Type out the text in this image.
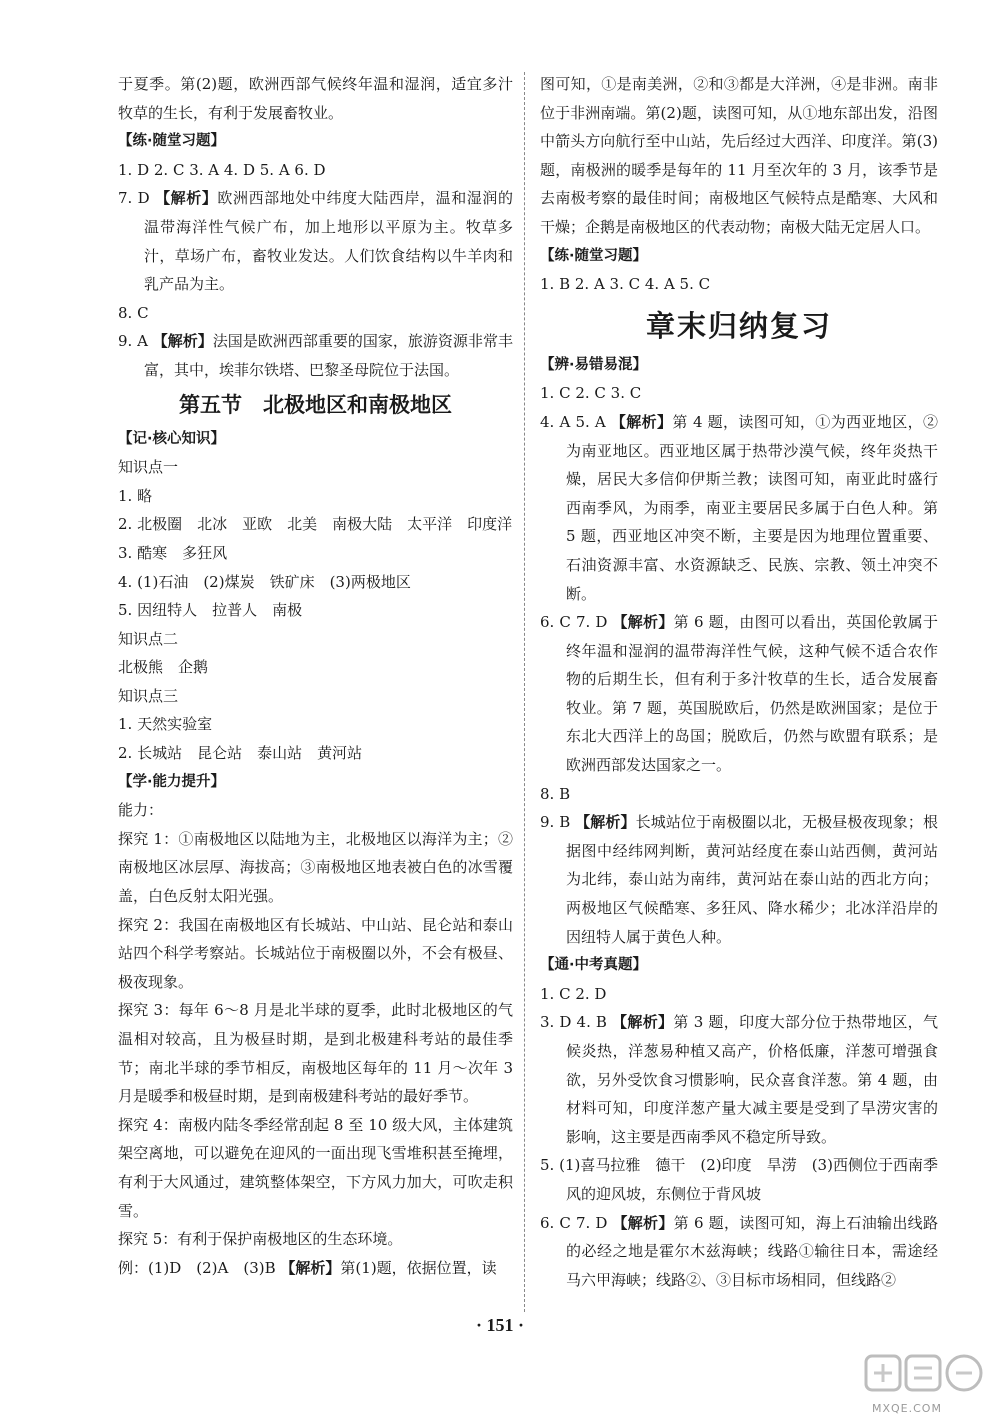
于夏季。第(2)题，欧洲西部气候终年温和湿润，适宜多汁牧草的生长，有利于发展畜牧业。

【练·随堂习题】

1. D 2. C 3. A 4. D 5. A 6. D

7. D 【解析】欧洲西部地处中纬度大陆西岸，温和湿润的温带海洋性气候广布，加上地形以平原为主。牧草多汁，草场广布，畜牧业发达。人们饮食结构以牛羊肉和乳产品为主。

8. C

9. A 【解析】法国是欧洲西部重要的国家，旅游资源非常丰富，其中，埃菲尔铁塔、巴黎圣母院位于法国。

第五节　北极地区和南极地区

【记·核心知识】

知识点一

1. 略

2. 北极圈　北冰　亚欧　北美　南极大陆　太平洋　印度洋

3. 酷寒　多狂风

4. (1)石油　(2)煤炭　铁矿床　(3)两极地区

5. 因纽特人　拉普人　南极

知识点二

北极熊　企鹅

知识点三

1. 天然实验室

2. 长城站　昆仑站　泰山站　黄河站

【学·能力提升】

能力：

探究 1：①南极地区以陆地为主，北极地区以海洋为主；②南极地区冰层厚、海拔高；③南极地区地表被白色的冰雪覆盖，白色反射太阳光强。

探究 2：我国在南极地区有长城站、中山站、昆仑站和泰山站四个科学考察站。长城站位于南极圈以外，不会有极昼、极夜现象。

探究 3：每年 6～8 月是北半球的夏季，此时北极地区的气温相对较高，且为极昼时期，是到北极建科考站的最佳季节；南北半球的季节相反，南极地区每年的 11 月～次年 3 月是暖季和极昼时期，是到南极建科考站的最好季节。

探究 4：南极内陆冬季经常刮起 8 至 10 级大风，主体建筑架空离地，可以避免在迎风的一面出现飞雪堆积甚至掩埋，有利于大风通过，建筑整体架空，下方风力加大，可吹走积雪。

探究 5：有利于保护南极地区的生态环境。

例：(1)D　(2)A　(3)B 【解析】第(1)题，依据位置，读

图可知，①是南美洲，②和③都是大洋洲，④是非洲。南非位于非洲南端。第(2)题，读图可知，从①地东部出发，沿图中箭头方向航行至中山站，先后经过大西洋、印度洋。第(3)题，南极洲的暖季是每年的 11 月至次年的 3 月，该季节是去南极考察的最佳时间；南极地区气候特点是酷寒、大风和干燥；企鹅是南极地区的代表动物；南极大陆无定居人口。

【练·随堂习题】

1. B 2. A 3. C 4. A 5. C

章末归纳复习

【辨·易错易混】

1. C 2. C 3. C

4. A 5. A 【解析】第 4 题，读图可知，①为西亚地区，②为南亚地区。西亚地区属于热带沙漠气候，终年炎热干燥，居民大多信仰伊斯兰教；读图可知，南亚此时盛行西南季风，为雨季，南亚主要居民多属于白色人种。第 5 题，西亚地区冲突不断，主要是因为地理位置重要、石油资源丰富、水资源缺乏、民族、宗教、领土冲突不断。

6. C 7. D 【解析】第 6 题，由图可以看出，英国伦敦属于终年温和湿润的温带海洋性气候，这种气候不适合农作物的后期生长，但有利于多汁牧草的生长，适合发展畜牧业。第 7 题，英国脱欧后，仍然是欧洲国家；是位于东北大西洋上的岛国；脱欧后，仍然与欧盟有联系；是欧洲西部发达国家之一。

8. B

9. B 【解析】长城站位于南极圈以北，无极昼极夜现象；根据图中经纬网判断，黄河站经度在泰山站西侧，黄河站为北纬，泰山站为南纬，黄河站在泰山站的西北方向；两极地区气候酷寒、多狂风、降水稀少；北冰洋沿岸的因纽特人属于黄色人种。

【通·中考真题】

1. C 2. D

3. D 4. B 【解析】第 3 题，印度大部分位于热带地区，气候炎热，洋葱易种植又高产，价格低廉，洋葱可增强食欲，另外受饮食习惯影响，民众喜食洋葱。第 4 题，由材料可知，印度洋葱产量大减主要是受到了旱涝灾害的影响，这主要是西南季风不稳定所导致。

5. (1)喜马拉雅　德干　(2)印度　旱涝　(3)西侧位于西南季风的迎风坡，东侧位于背风坡

6. C 7. D 【解析】第 6 题，读图可知，海上石油输出线路的必经之地是霍尔木兹海峡；线路①输往日本，需途经马六甲海峡；线路②、③目标市场相同，但线路②

· 151 ·
MXQE.COM
